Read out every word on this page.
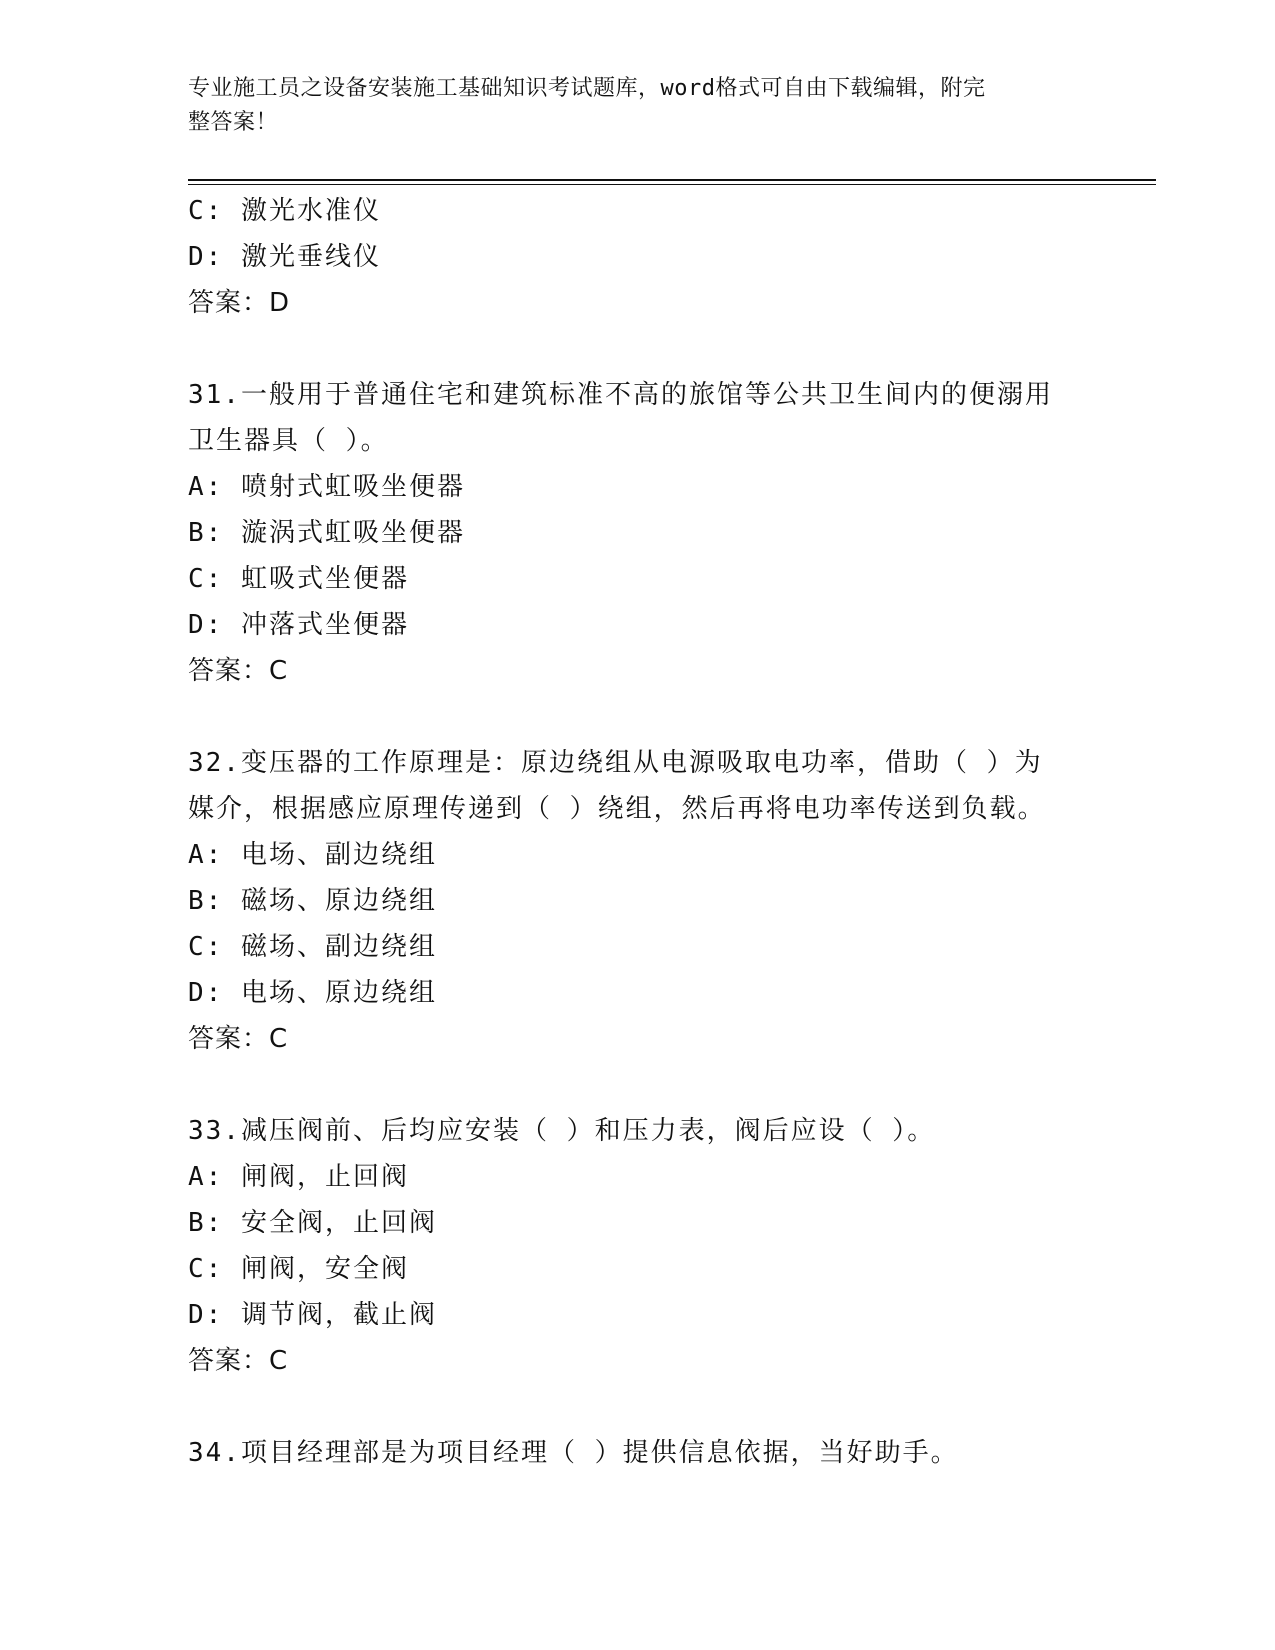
专业施工员之设备安装施工基础知识考试题库，word格式可自由下载编辑，附完
整答案！
C: 激光水准仪
D: 激光垂线仪
答案：D
31.一般用于普通住宅和建筑标准不高的旅馆等公共卫生间内的便溺用
卫生器具（ ）。
A: 喷射式虹吸坐便器
B: 漩涡式虹吸坐便器
C: 虹吸式坐便器
D: 冲落式坐便器
答案：C
32.变压器的工作原理是：原边绕组从电源吸取电功率，借助（ ）为
媒介，根据感应原理传递到（ ）绕组，然后再将电功率传送到负载。
A: 电场、副边绕组
B: 磁场、原边绕组
C: 磁场、副边绕组
D: 电场、原边绕组
答案：C
33.减压阀前、后均应安装（ ）和压力表，阀后应设（ ）。
A: 闸阀，止回阀
B: 安全阀，止回阀
C: 闸阀，安全阀
D: 调节阀，截止阀
答案：C
34.项目经理部是为项目经理（ ）提供信息依据，当好助手。
